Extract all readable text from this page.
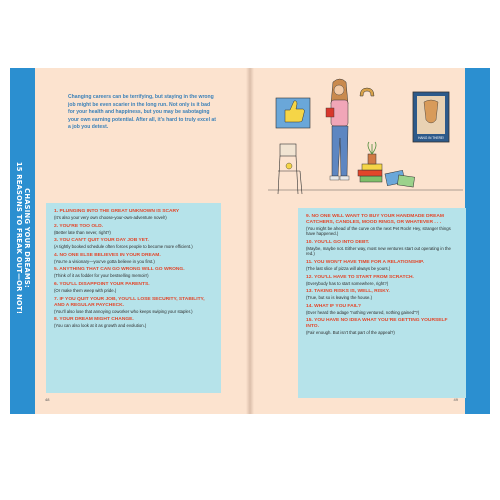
CHASING YOUR DREAMS:
15 REASONS TO FREAK OUT—OR NOT!
Changing careers can be terrifying, but staying in the wrong job might be even scarier in the long run. Not only is it bad for your health and happiness, but you may be sabotaging your own earning potential. After all, it’s hard to truly excel at a job you detest.
1. PLUNGING INTO THE GREAT UNKNOWN IS SCARY
(It’s also your very own choose-your-own-adventure novel!)
2. YOU’RE TOO OLD.
(Better late than never, right?)
3. YOU CAN’T QUIT YOUR DAY JOB YET.
(A tightly booked schedule often forces people to become more efficient.)
4. NO ONE ELSE BELIEVES IN YOUR DREAM.
(You’re a visionary—you’ve gotta believe in you first.)
5. ANYTHING THAT CAN GO WRONG WILL GO WRONG.
(Think of it as fodder for your bestselling memoir!)
6. YOU’LL DISAPPOINT YOUR PARENTS.
(Or make them weep with pride.)
7. IF YOU QUIT YOUR JOB, YOU’LL LOSE SECURITY, STABILITY, AND A REGULAR PAYCHECK.
(You’ll also lose that annoying coworker who keeps swiping your stapler.)
8. YOUR DREAM MIGHT CHANGE.
(You can also look at it as growth and evolution.)
48
HANG IN THERE!
9. NO ONE WILL WANT TO BUY YOUR HANDMADE DREAM CATCHERS, CANDLES, MOOD RINGS, OR WHATEVER . . .
(You might be ahead of the curve on the next Pet Rock! Hey, stranger things have happened.)
10. YOU’LL GO INTO DEBT.
(Maybe, maybe not. Either way, most new ventures start out operating in the red.)
11. YOU WON’T HAVE TIME FOR A RELATIONSHIP.
(The last slice of pizza will always be yours.)
12. YOU’LL HAVE TO START FROM SCRATCH.
(Everybody has to start somewhere, right?)
13. TAKING RISKS IS, WELL, RISKY.
(True, but so is leaving the house.)
14. WHAT IF YOU FAIL?
(Ever heard the adage “nothing ventured, nothing gained”?)
15. YOU HAVE NO IDEA WHAT YOU’RE GETTING YOURSELF INTO.
(Fair enough. But isn’t that part of the appeal?)
49
